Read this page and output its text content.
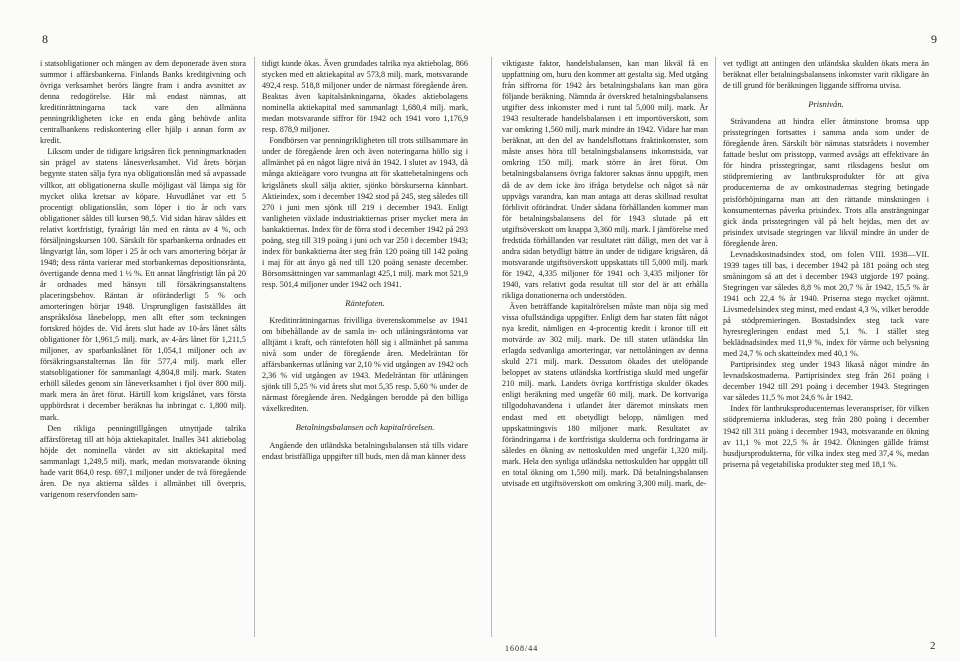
8	9

i statsobligationer och mängen av dem deponerade även stora summor i affärsbankerna. Finlands Banks kreditgivning och övriga verksamhet berörs längre fram i andra avsnittet av denna redogörelse. Här må endast nämnas, att kreditinrättningarna tack vare den allmänna penningrikligheten icke en enda gång behövde anlita centralbankens rediskontering eller hjälp i annan form av kredit.

Liksom under de tidigare krigsåren fick penningmarknaden sin prägel av statens lånesverksamhet. Vid årets början begynte staten sälja fyra nya obligationslån med så avpassade villkor, att obligationerna skulle möjligast väl lämpa sig för mycket olika kretsar av köpare. Huvudlånet var ett 5 procentigt obligationslån, som löper i tio år och vars obligationer såldes till kursen 98,5. Vid sidan härav såldes ett relativt kortfristigt, fyraårigt lån med en ränta av 4 %, och försäljningskursen 100. Särskilt för sparbankerna ordnades ett långvarigt lån, som löper i 25 år och vars amortering börjar år 1948; dess ränta varierar med storbankernas depositionsränta, övertigande denna med 1 ½ %. Ett annat långfristigt lån på 20 år ordnades med hänsyn till försäkringsanstaltens placeringsbehov. Räntan är oföränderligt 5 % och amorteringen börjar 1948. Ursprungligen fastställdes ätt anspråkslösa lånebelopp, men allt efter som teckningen fortskred höjdes de. Vid årets slut hade av 10-års lånet sålts obligationer för 1,961,5 milj. mark, av 4-års lånet för 1,211,5 miljoner, av sparbankslånet för 1,054,1 miljoner och av försäkringsanstalternas lån för 577,4 milj. mark eller statsobligationer för sammanlagt 4,804,8 milj. mark. Staten erhöll således genom sin låneverksamhet i fjol över 800 milj. mark mera än året förut. Härtill kom krigslånet, vars första uppbördsrat i december beräknas ha inbringat c. 1,800 milj. mark.

Den rikliga penningtillgången utnyttjade talrika affärsföretag till att höja aktiekapitalet. Inalles 341 aktiebolag höjde det nominella värdet av sitt aktiekapital med sammanlagt 1,249,5 milj. mark, medan motsvarande ökning hade varit 864,0 resp. 697,1 miljoner under de två föregående åren. De nya aktierna såldes i allmänhet till överpris, varigenom reservfonden sam-

tidigt kunde ökas. Även grundades talrika nya aktiebolag, 866 stycken med ett aktiekapital av 573,8 milj. mark, motsvarande 492,4 resp. 518,8 miljoner under de närmast föregående åren. Beaktas även kapitalsänkningarna, ökades aktiebolagens nominella aktiekapital med sammanlagt 1,680,4 milj. mark, medan motsvarande siffror för 1942 och 1941 voro 1,176,9 resp. 878,9 miljoner.

Fondbörsen var penningrikligheten till trots stillsammare än under de föregående åren och även noteringarna höllo sig i allmänhet på en något lägre nivå än 1942. I slutet av 1943, då många aktieägare voro tvungna att för skattebetalningens och krigslånets skull sälja aktier, sjönko börskurserna kännbart. Aktieindex, som i december 1942 stod på 245, steg således till 270 i juni men sjönk till 219 i december 1943. Enligt vanligheten växlade industriaktiernas priser mycket mera än bankaktiernas. Index för de förra stod i december 1942 på 293 poäng, steg till 319 poäng i juni och var 250 i december 1943; index för bankaktierna åter steg från 120 poäng till 142 poäng i maj för att ånyo gå ned till 120 poäng senaste december. Börsomsättningen var sammanlagt 425,1 milj. mark mot 521,9 resp. 501,4 miljoner under 1942 och 1941.

Räntefoten.

Kreditinrättningarnas frivilliga överenskommelse av 1941 om bibehållande av de samla in- och utlåningsräntorna var alltjämt i kraft, och räntefoten höll sig i allmänhet på samma nivå som under de föregående åren. Medelräntan för affärsbankernas utlåning var 2,10 % vid utgången av 1942 och 2,36 % vid utgången av 1943. Medelräntan för utlåningen sjönk till 5,25 % vid årets slut mot 5,35 resp. 5,60 % under de närmast föregående åren. Nedgången berodde på den billiga växelkrediten.

Betalningsbalansen och kapitalrörelsen.

Angående den utländska betalningsbalansen stå tills vidare endast bristfälliga uppgifter till buds, men då man känner dess

viktigaste faktor, handelsbalansen, kan man likväl få en uppfattning om, huru den kommer att gestalta sig. Med utgång från siffrorna för 1942 års betalningsbalans kan man göra följande beräkning. Nämnda år överskred betalningsbalansens utgifter dess inkomster med i runt tal 5,000 milj. mark. År 1943 resulterade handelsbalansen i ett importöverskott, som var omkring 1,560 milj. mark mindre än 1942. Vidare har man beräknat, att den del av handelsflottans fraktinkomster, som måste anses höra till betalningsbalansens inkomstsida, var omkring 150 milj. mark större än året förut. Om betalningsbalansens övriga faktorer saknas ännu uppgift, men då de av dem icke äro ifråga betydelse och något så när uppvägs varandra, kan man antaga att deras skillnad resultat förblivit oförändrat. Under sådana förhållanden kommer man för betalningsbalansens del för 1943 slutade på ett utgiftsöverskott om knappa 3,360 milj. mark. I jämförelse med fredstida förhållanden var resultatet rätt dåligt, men det var å andra sidan betydligt bättre än under de tidigare krigsåren, då motsvarande utgiftsöverskott uppskattats till 5,000 milj. mark för 1942, 4,335 miljoner för 1941 och 3,435 miljoner för 1940, vars relativt goda resultat till stor del är att erhålla rikliga donationerna och understöden.

Även beträffande kapitalrörelsen måste man nöja sig med vissa ofullständiga uppgifter. Enligt dem har staten fått något nya kredit, nämligen en 4-procentig kredit i kronor till ett motvärde av 302 milj. mark. De till staten utländska lån erlagda sedvanliga amorteringar, var nettolåningen av denna skuld 271 milj. mark. Dessutom ökades det utelöpande beloppet av statens utländska kortfristiga skuld med ungefär 210 milj. mark. Landets övriga kortfristiga skulder ökades enligt beräkning med ungefär 60 milj. mark. De kortvariga tillgodohavandena i utlandet åter däremot minskats men endast med ett obetydligt belopp, nämligen med uppskattningsvis 180 miljoner mark. Resultatet av förändringarna i de kortfristiga skulderna och fordringarna är således en ökning av nettoskulden med ungefär 1,320 milj. mark. Hela den synliga utländska nettoskulden har uppgått till en total ökning om 1,590 milj. mark. Då betalningsbalansen utvisade ett utgiftsöverskott om omkring 3,300 milj. mark, de-

vet tydligt att antingen den utländska skulden ökats mera än beräknat eller betalningsbalansens inkomster varit rikligare än de till grund för beräkningen liggande siffrorna utvisa.

Prisnivån.

Strävandena att hindra eller åtminstone bromsa upp prisstegringen fortsattes i samma anda som under de föregående åren. Särskilt bör nämnas statsrådets i november fattade beslut om prisstopp, varmed avsågs att effektivare än för hindra prisstegringar, samt riksdagens beslut om stödpremiering av lantbruksprodukter för att giva producenterna de av omkostnadernas stegring betingade prisförhöjningarna man att den rättande minskningen i konsumenternas påverka prisindex. Trots alla ansträngningar gick ända prisstegringen väl på helt bejdas, men det av prisindex utvisade stegringen var likväl mindre än under de föregående åren.

Levnadskostnadsindex stod, om folen VIII. 1938—VII. 1939 tages till bas, i december 1942 på 181 poäng och steg småningom så att det i december 1943 utgjorde 197 poäng. Stegringen var således 8,8 % mot 20,7 % år 1942, 15,5 % år 1941 och 22,4 % år 1940. Priserna stego mycket ojämnt. Livsmedelsindex steg minst, med endast 4,3 %, vilket berodde på stödpremieringen. Bostadsindex steg tack vare hyresregleringen endast med 5,1 %. I stället steg beklädnadsindex med 11,9 %, index för värme och belysning med 24,7 % och skatteindex med 40,1 %.

Partiprisindex steg under 1943 likaså något mindre än levnadskostnaderna. Partiprisindex steg från 261 poäng i december 1942 till 291 poäng i december 1943. Stegringen var således 11,5 % mot 24,6 % år 1942.

Index för lantbruksproducenternas leveranspriser, för vilken stödpremierna inkluderas, steg från 280 poäng i december 1942 till 311 poäng i december 1943, motsvarande en ökning av 11,1 % mot 22,5 % år 1942. Ökningen gällde främst husdjursprodukterna, för vilka index steg med 37,4 %, medan priserna på vegetabiliska produkter steg med 18,1 %.

1608/44	2
